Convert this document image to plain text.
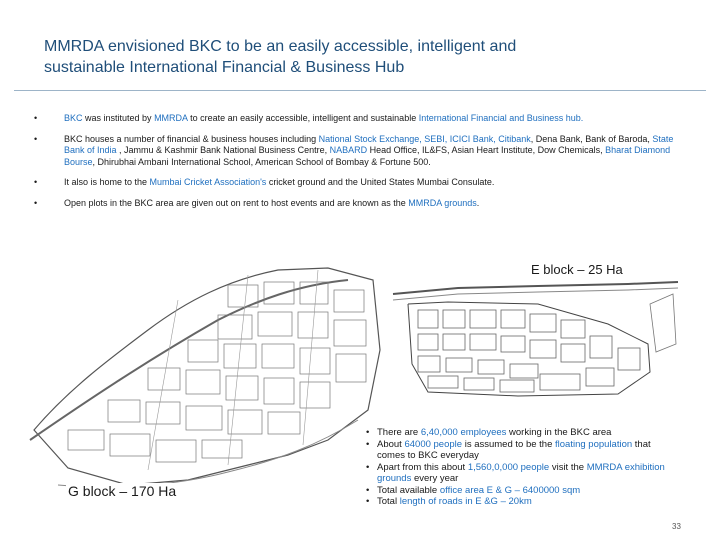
MMRDA envisioned BKC to be an easily accessible, intelligent and
sustainable International Financial & Business Hub
•	BKC was instituted by MMRDA to create an easily accessible, intelligent and sustainable International Financial and Business hub.
•	BKC houses a number of financial & business houses including National Stock Exchange, SEBI, ICICI Bank, Citibank, Dena Bank, Bank of Baroda, State Bank of India , Jammu & Kashmir Bank National Business Centre, NABARD Head Office, IL&FS, Asian Heart Institute, Dow Chemicals, Bharat Diamond Bourse, Dhirubhai Ambani International School, American School of Bombay & Fortune 500.
•	It also is home to the Mumbai Cricket Association's cricket ground and the United States Mumbai Consulate.
•	Open plots in the BKC area are given out on rent to host events and are known as the MMRDA grounds.
E block – 25 Ha
G block – 170 Ha
• There are 6,40,000 employees working in the BKC area
• About 64000 people is assumed to be the floating population that comes to BKC everyday
• Apart from this about 1,560,0,000 people visit the MMRDA exhibition grounds every year
• Total available office area E & G – 6400000 sqm
• Total length of roads in E &G – 20km
33
